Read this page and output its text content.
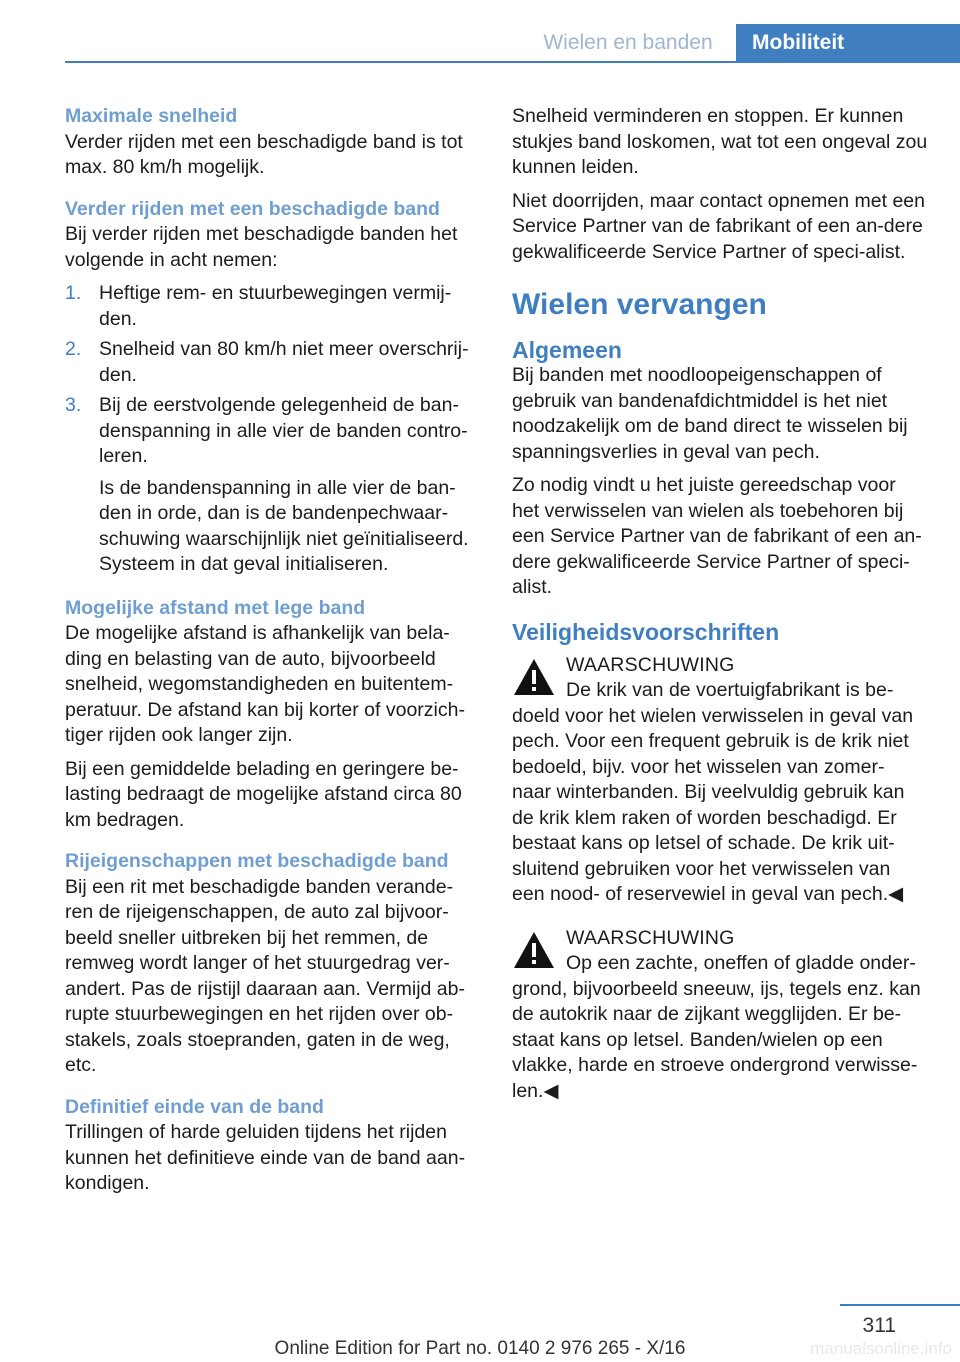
Wielen en banden	Mobiliteit
Maximale snelheid

Verder rijden met een beschadigde band is tot max. 80 km/h mogelijk.

Verder rijden met een beschadigde band

Bij verder rijden met beschadigde banden het volgende in acht nemen:

1. Heftige rem- en stuurbewegingen vermij-den.
2. Snelheid van 80 km/h niet meer overschrij-den.
3. Bij de eerstvolgende gelegenheid de ban-denspanning in alle vier de banden contro-leren.

Is de bandenspanning in alle vier de ban-den in orde, dan is de bandenpechwaar-schuwing waarschijnlijk niet geïnitialiseerd. Systeem in dat geval initialiseren.

Mogelijke afstand met lege band

De mogelijke afstand is afhankelijk van bela-ding en belasting van de auto, bijvoorbeeld snelheid, wegomstandigheden en buitentem-peratuur. De afstand kan bij korter of voorzich-tiger rijden ook langer zijn.

Bij een gemiddelde belading en geringere be-lasting bedraagt de mogelijke afstand circa 80 km bedragen.

Rijeigenschappen met beschadigde band

Bij een rit met beschadigde banden verande-ren de rijeigenschappen, de auto zal bijvoor-beeld sneller uitbreken bij het remmen, de remweg wordt langer of het stuurgedrag ver-andert. Pas de rijstijl daaraan aan. Vermijd ab-rupte stuurbewegingen en het rijden over ob-stakels, zoals stoepranden, gaten in de weg, etc.

Definitief einde van de band

Trillingen of harde geluiden tijdens het rijden kunnen het definitieve einde van de band aan-kondigen.

Snelheid verminderen en stoppen. Er kunnen stukjes band loskomen, wat tot een ongeval zou kunnen leiden.

Niet doorrijden, maar contact opnemen met een Service Partner van de fabrikant of een an-dere gekwalificeerde Service Partner of speci-alist.

Wielen vervangen
Algemeen

Bij banden met noodloopeigenschappen of gebruik van bandenafdichtmiddel is het niet noodzakelijk om de band direct te wisselen bij spanningsverlies in geval van pech.

Zo nodig vindt u het juiste gereedschap voor het verwisselen van wielen als toebehoren bij een Service Partner van de fabrikant of een an-dere gekwalificeerde Service Partner of speci-alist.

Veiligheidsvoorschriften
WAARSCHUWING
De krik van de voertuigfabrikant is be-doeld voor het wielen verwisselen in geval van pech. Voor een frequent gebruik is de krik niet bedoeld, bijv. voor het wisselen van zomer- naar winterbanden. Bij veelvuldig gebruik kan de krik klem raken of worden beschadigd. Er bestaat kans op letsel of schade. De krik uit-sluitend gebruiken voor het verwisselen van een nood- of reservewiel in geval van pech.◀
WAARSCHUWING
Op een zachte, oneffen of gladde onder-grond, bijvoorbeeld sneeuw, ijs, tegels enz. kan de autokrik naar de zijkant wegglijden. Er be-staat kans op letsel. Banden/wielen op een vlakke, harde en stroeve ondergrond verwisse-len.◀
311
manualsonline.info
Online Edition for Part no. 0140 2 976 265 - X/16
